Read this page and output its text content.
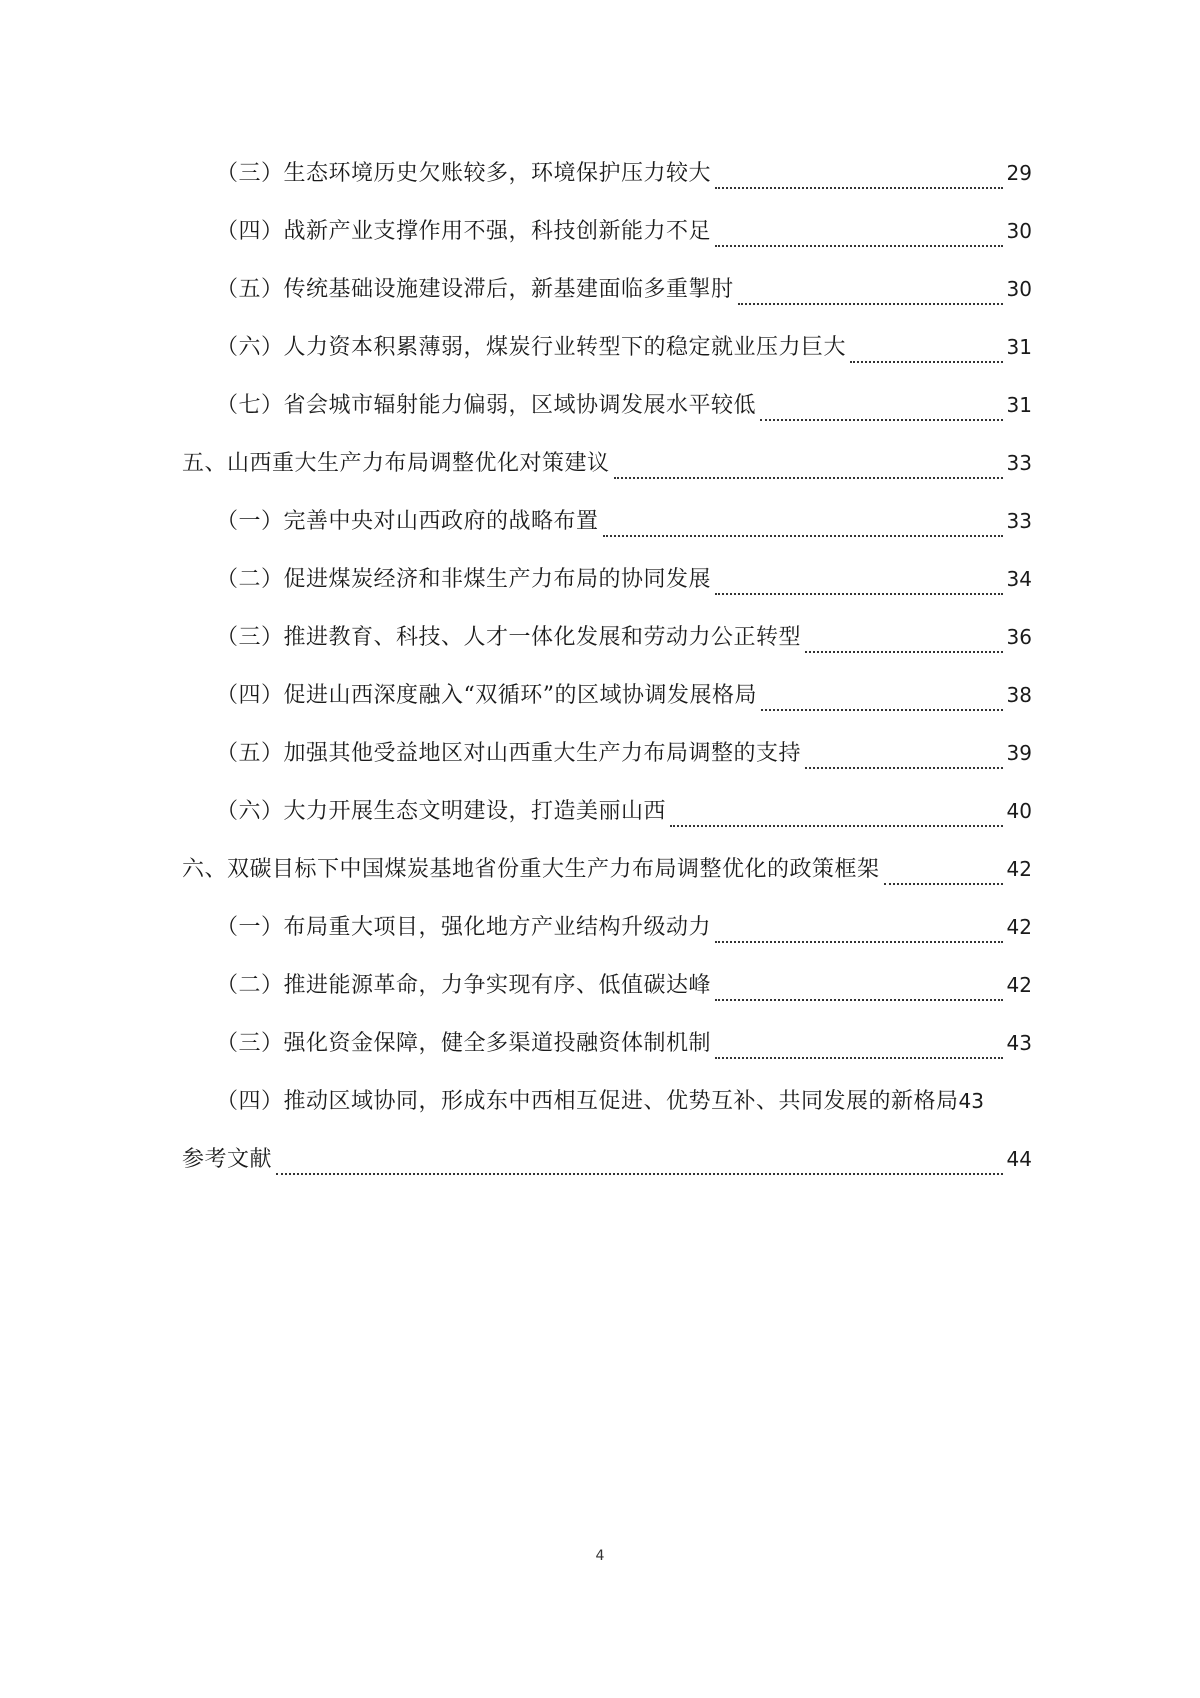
（三）生态环境历史欠账较多，环境保护压力较大	29
（四）战新产业支撑作用不强，科技创新能力不足	30
（五）传统基础设施建设滞后，新基建面临多重掣肘	30
（六）人力资本积累薄弱，煤炭行业转型下的稳定就业压力巨大	31
（七）省会城市辐射能力偏弱，区域协调发展水平较低	31
五、山西重大生产力布局调整优化对策建议	33
（一）完善中央对山西政府的战略布置	33
（二）促进煤炭经济和非煤生产力布局的协同发展	34
（三）推进教育、科技、人才一体化发展和劳动力公正转型	36
（四）促进山西深度融入“双循环”的区域协调发展格局	38
（五）加强其他受益地区对山西重大生产力布局调整的支持	39
（六）大力开展生态文明建设，打造美丽山西	40
六、双碳目标下中国煤炭基地省份重大生产力布局调整优化的政策框架	42
（一）布局重大项目，强化地方产业结构升级动力	42
（二）推进能源革命，力争实现有序、低值碳达峰	42
（三）强化资金保障，健全多渠道投融资体制机制	43
（四）推动区域协同，形成东中西相互促进、优势互补、共同发展的新格局 43
参考文献	44
4
